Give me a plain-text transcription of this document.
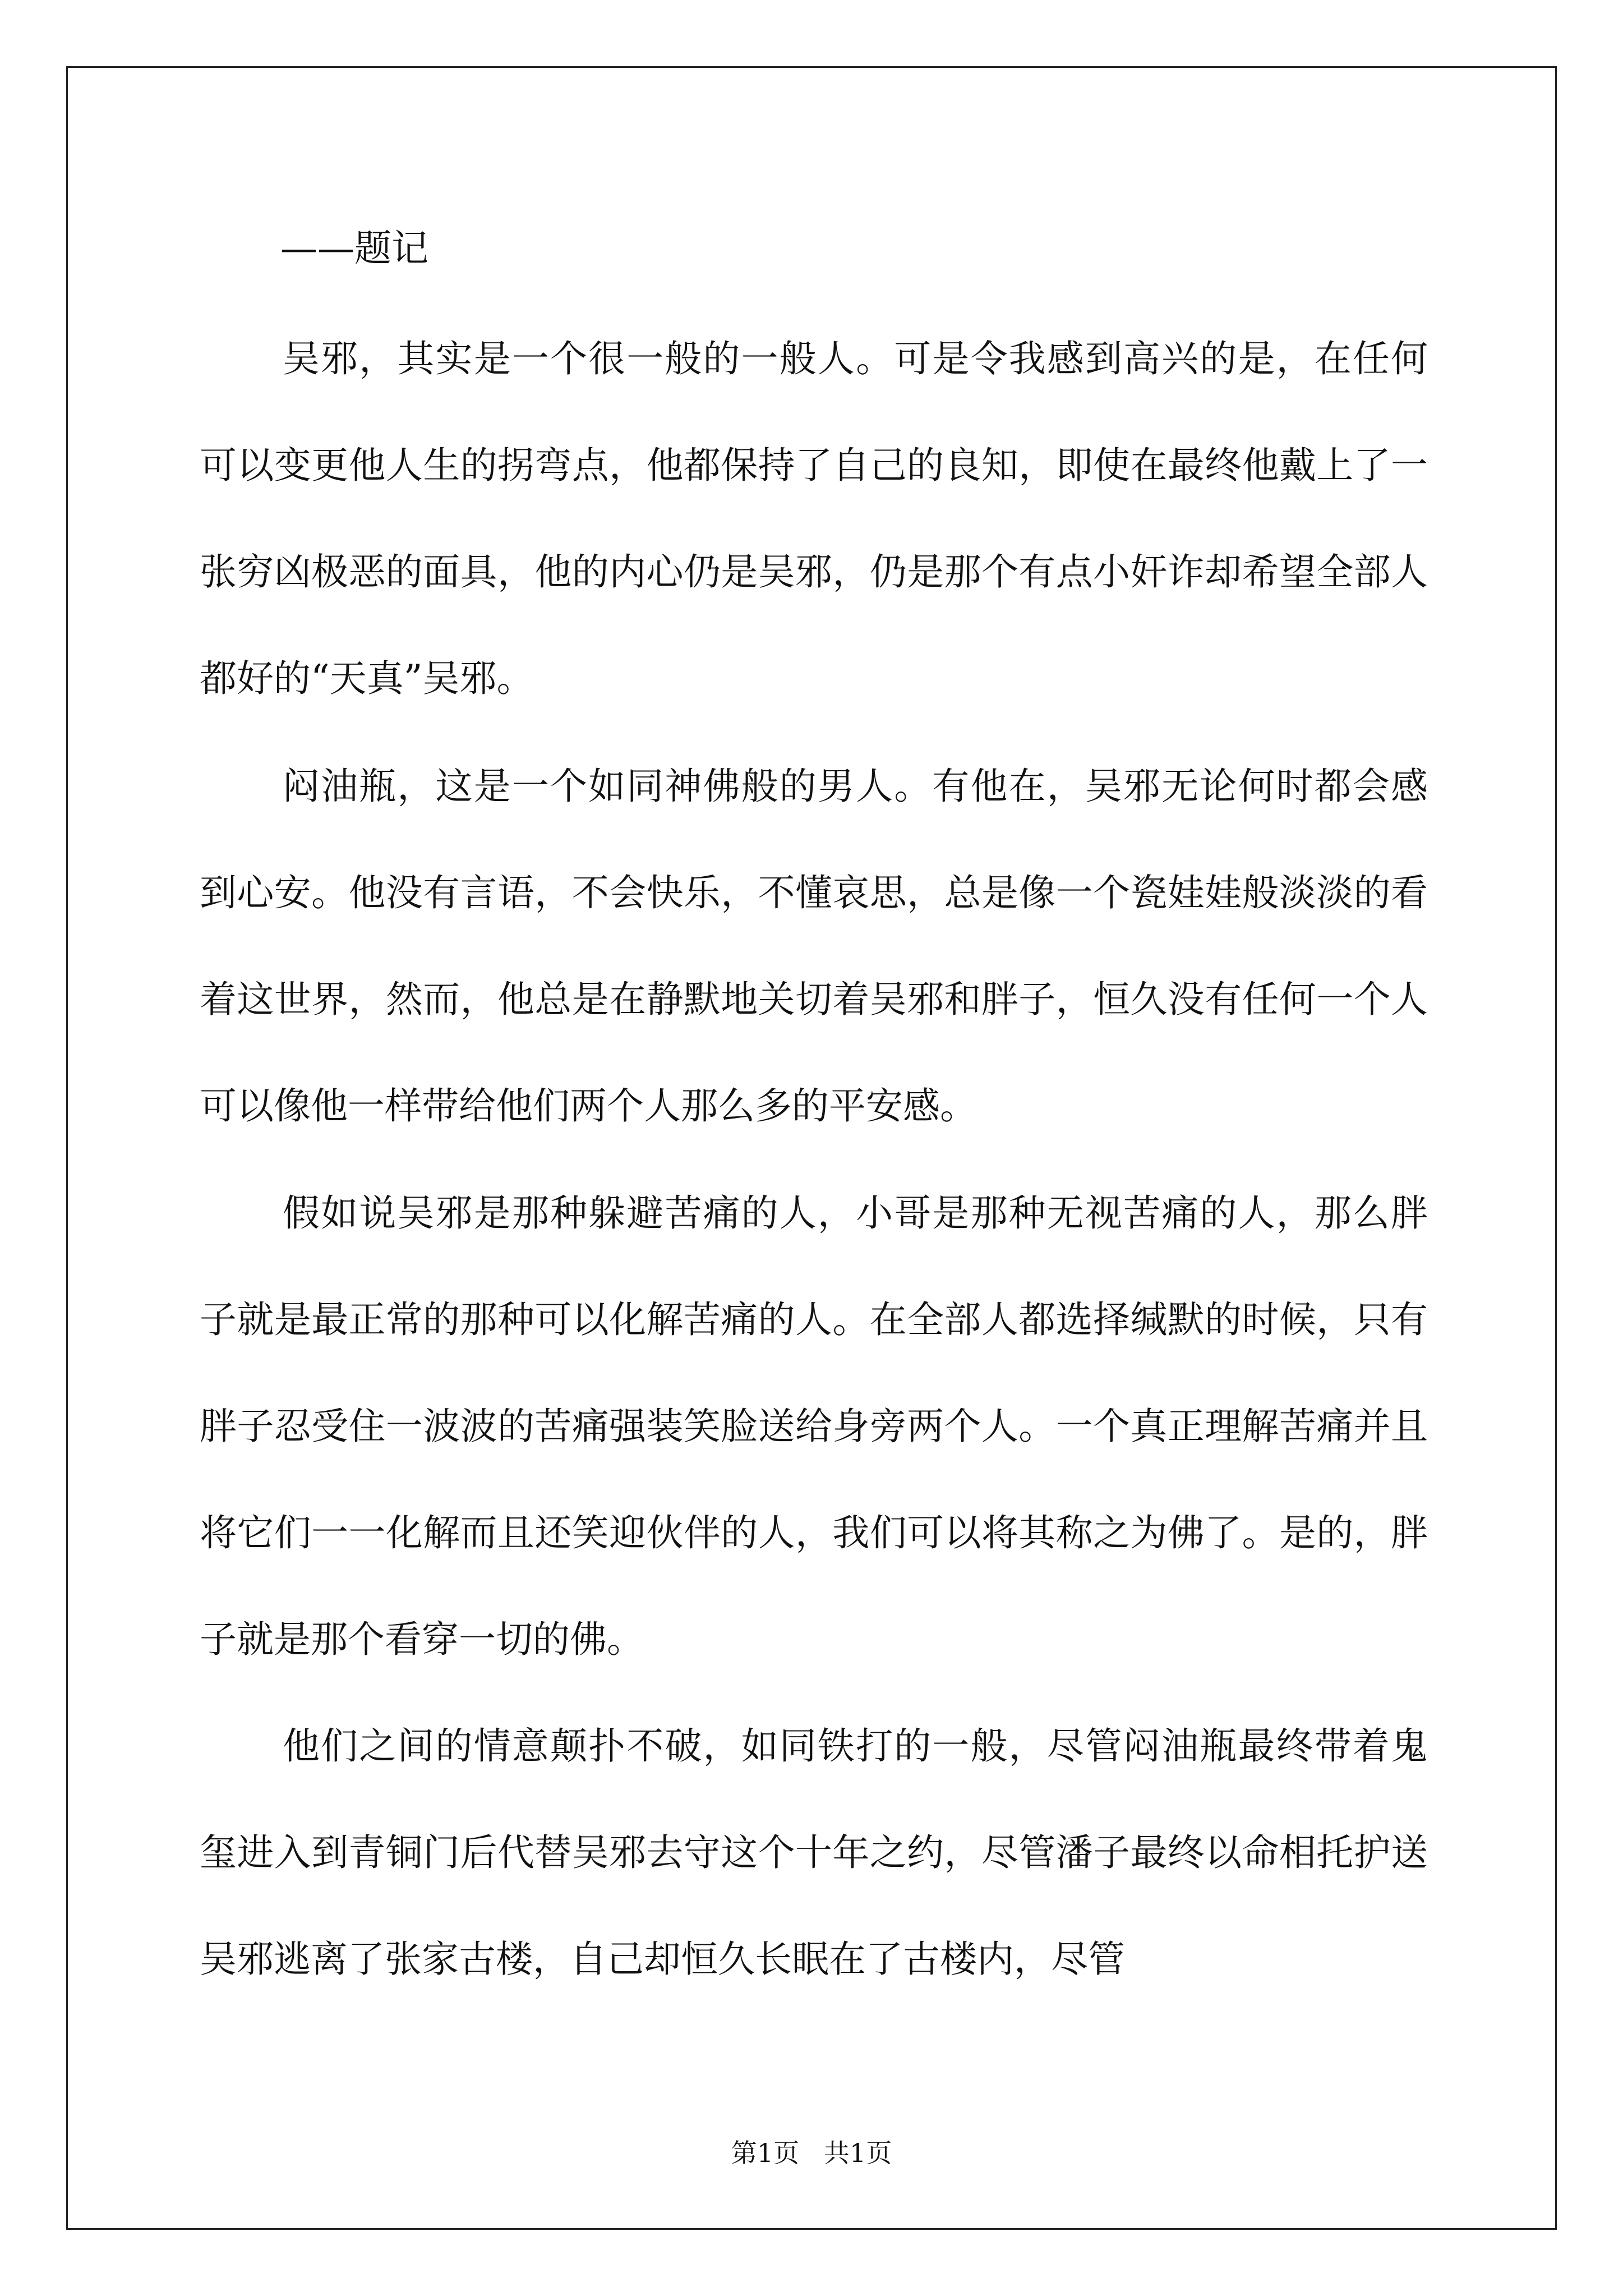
——题记

吴邪，其实是一个很一般的一般人。可是令我感到高兴的是，在任何可以变更他人生的拐弯点，他都保持了自己的良知，即使在最终他戴上了一张穷凶极恶的面具，他的内心仍是吴邪，仍是那个有点小奸诈却希望全部人都好的“天真”吴邪。

闷油瓶，这是一个如同神佛般的男人。有他在，吴邪无论何时都会感到心安。他没有言语，不会快乐，不懂哀思，总是像一个瓷娃娃般淡淡的看着这世界，然而，他总是在静默地关切着吴邪和胖子，恒久没有任何一个人可以像他一样带给他们两个人那么多的平安感。

假如说吴邪是那种躲避苦痛的人，小哥是那种无视苦痛的人，那么胖子就是最正常的那种可以化解苦痛的人。在全部人都选择缄默的时候，只有胖子忍受住一波波的苦痛强装笑脸送给身旁两个人。一个真正理解苦痛并且将它们一一化解而且还笑迎伙伴的人，我们可以将其称之为佛了。是的，胖子就是那个看穿一切的佛。

他们之间的情意颠扑不破，如同铁打的一般，尽管闷油瓶最终带着鬼玺进入到青铜门后代替吴邪去守这个十年之约，尽管潘子最终以命相托护送吴邪逃离了张家古楼，自己却恒久长眠在了古楼内，尽管

第1页   共1页
